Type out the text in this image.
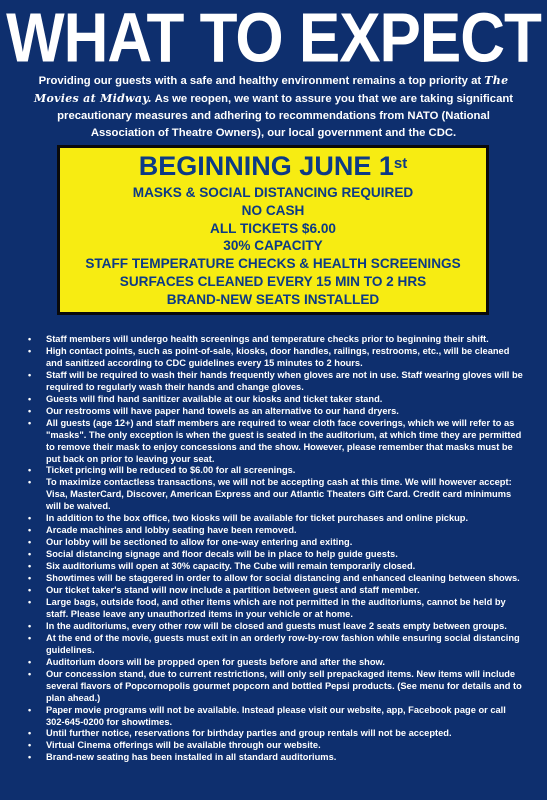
WHAT TO EXPECT
Providing our guests with a safe and healthy environment remains a top priority at The Movies at Midway. As we reopen, we want to assure you that we are taking significant precautionary measures and adhering to recommendations from NATO (National Association of Theatre Owners), our local government and the CDC.
BEGINNING JUNE 1st
MASKS & SOCIAL DISTANCING REQUIRED
NO CASH
ALL TICKETS $6.00
30% CAPACITY
STAFF TEMPERATURE CHECKS & HEALTH SCREENINGS
SURFACES CLEANED EVERY 15 MIN TO 2 HRS
BRAND-NEW SEATS INSTALLED
• Staff members will undergo health screenings and temperature checks prior to beginning their shift.
• High contact points, such as point-of-sale, kiosks, door handles, railings, restrooms, etc., will be cleaned and sanitized according to CDC guidelines every 15 minutes to 2 hours.
• Staff will be required to wash their hands frequently when gloves are not in use. Staff wearing gloves will be required to regularly wash their hands and change gloves.
• Guests will find hand sanitizer available at our kiosks and ticket taker stand.
• Our restrooms will have paper hand towels as an alternative to our hand dryers.
• All guests (age 12+) and staff members are required to wear cloth face coverings, which we will refer to as "masks". The only exception is when the guest is seated in the auditorium, at which time they are permitted to remove their mask to enjoy concessions and the show. However, please remember that masks must be put back on prior to leaving your seat.
• Ticket pricing will be reduced to $6.00 for all screenings.
• To maximize contactless transactions, we will not be accepting cash at this time. We will however accept: Visa, MasterCard, Discover, American Express and our Atlantic Theaters Gift Card. Credit card minimums will be waived.
• In addition to the box office, two kiosks will be available for ticket purchases and online pickup.
• Arcade machines and lobby seating have been removed.
• Our lobby will be sectioned to allow for one-way entering and exiting.
• Social distancing signage and floor decals will be in place to help guide guests.
• Six auditoriums will open at 30% capacity. The Cube will remain temporarily closed.
• Showtimes will be staggered in order to allow for social distancing and enhanced cleaning between shows.
• Our ticket taker's stand will now include a partition between guest and staff member.
• Large bags, outside food, and other items which are not permitted in the auditoriums, cannot be held by staff. Please leave any unauthorized items in your vehicle or at home.
• In the auditoriums, every other row will be closed and guests must leave 2 seats empty between groups.
• At the end of the movie, guests must exit in an orderly row-by-row fashion while ensuring social distancing guidelines.
• Auditorium doors will be propped open for guests before and after the show.
• Our concession stand, due to current restrictions, will only sell prepackaged items. New items will include several flavors of Popcornopolis gourmet popcorn and bottled Pepsi products. (See menu for details and to plan ahead.)
• Paper movie programs will not be available. Instead please visit our website, app, Facebook page or call 302-645-0200 for showtimes.
• Until further notice, reservations for birthday parties and group rentals will not be accepted.
• Virtual Cinema offerings will be available through our website.
• Brand-new seating has been installed in all standard auditoriums.
